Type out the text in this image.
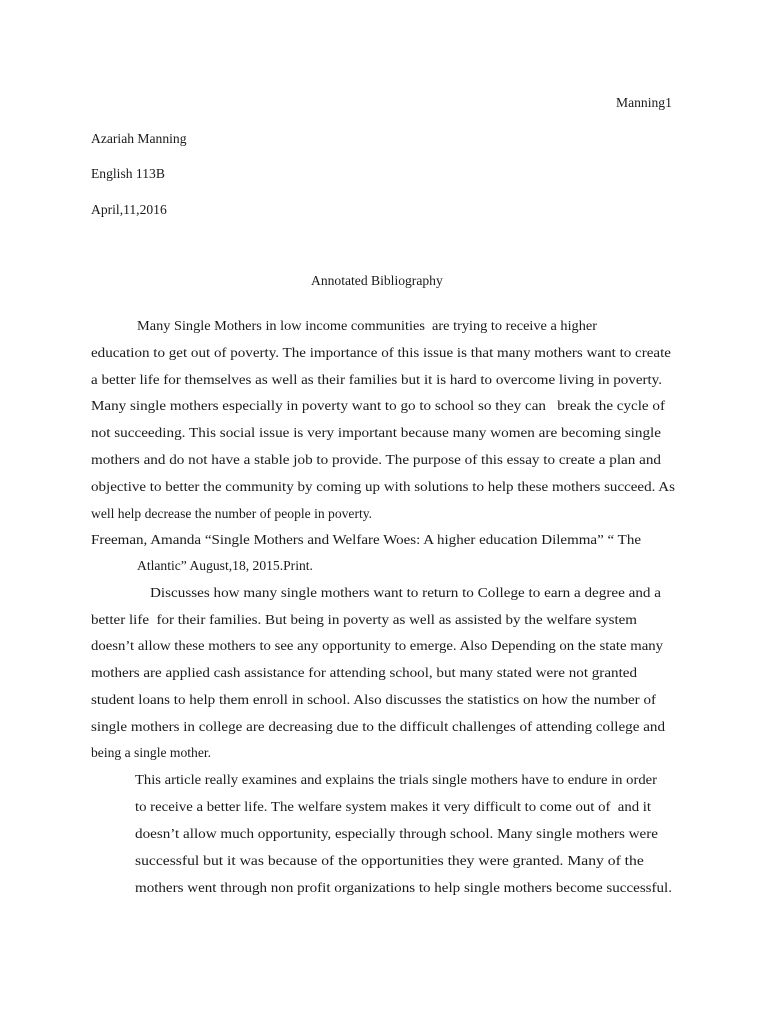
Manning1

Azariah Manning

English 113B

April,11,2016

Annotated Bibliography

Many Single Mothers in low income communities  are trying to receive a higher

education to get out of poverty. The importance of this issue is that many mothers want to create

a better life for themselves as well as their families but it is hard to overcome living in poverty.

Many single mothers especially in poverty want to go to school so they can   break the cycle of

not succeeding. This social issue is very important because many women are becoming single

mothers and do not have a stable job to provide. The purpose of this essay to create a plan and

objective to better the community by coming up with solutions to help these mothers succeed. As

well help decrease the number of people in poverty.

Freeman, Amanda “Single Mothers and Welfare Woes: A higher education Dilemma” “ The

Atlantic” August,18, 2015.Print.

Discusses how many single mothers want to return to College to earn a degree and a

better life  for their families. But being in poverty as well as assisted by the welfare system

doesn’t allow these mothers to see any opportunity to emerge. Also Depending on the state many

mothers are applied cash assistance for attending school, but many stated were not granted

student loans to help them enroll in school. Also discusses the statistics on how the number of

single mothers in college are decreasing due to the difficult challenges of attending college and

being a single mother.

This article really examines and explains the trials single mothers have to endure in order

to receive a better life. The welfare system makes it very difficult to come out of  and it

doesn’t allow much opportunity, especially through school. Many single mothers were

successful but it was because of the opportunities they were granted. Many of the

mothers went through non profit organizations to help single mothers become successful.
